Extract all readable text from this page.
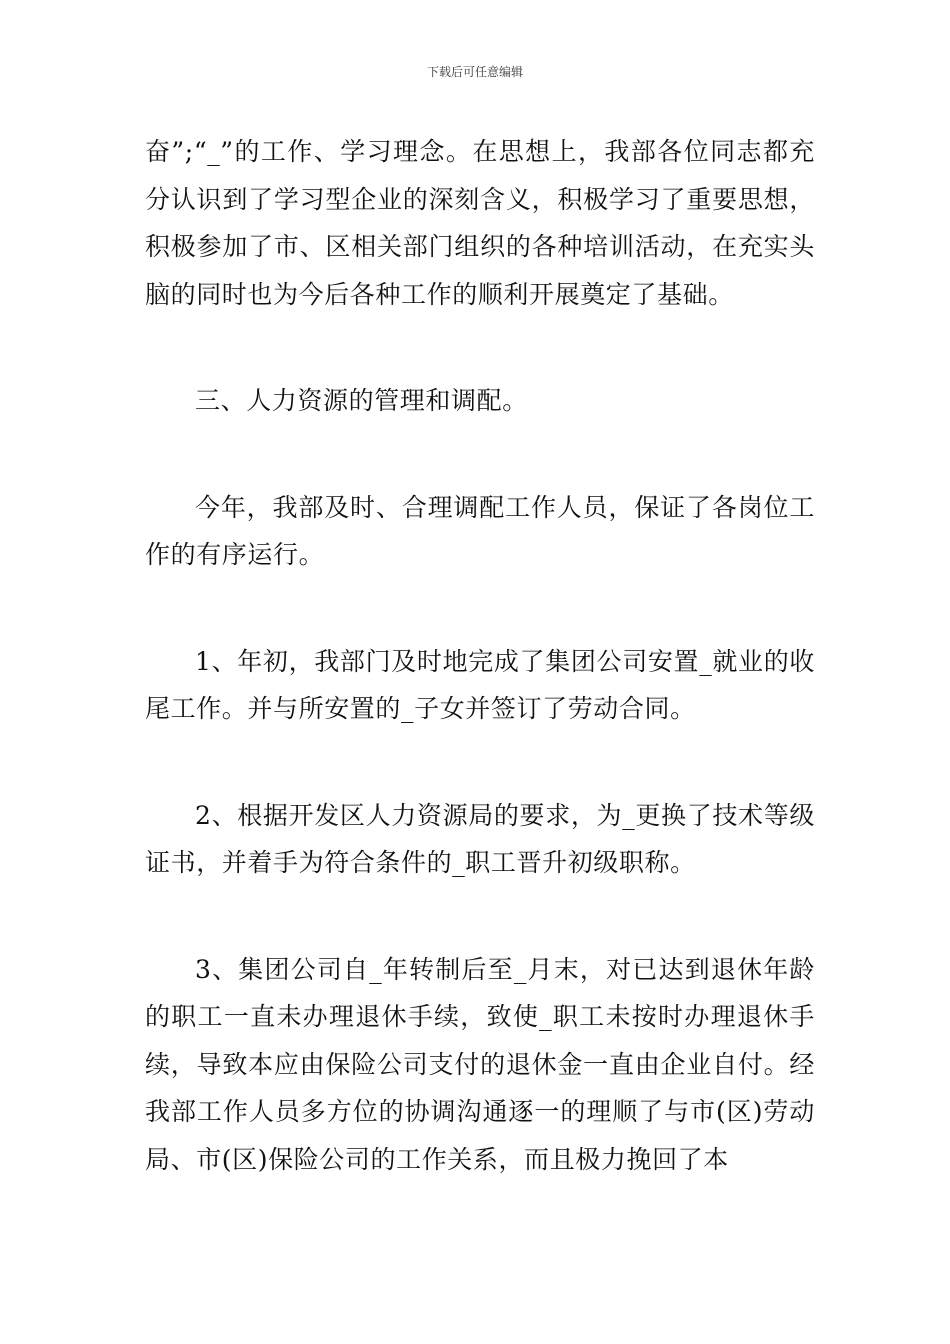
下载后可任意编辑

奋”;“_”的工作、学习理念。在思想上，我部各位同志都充分认识到了学习型企业的深刻含义，积极学习了重要思想，积极参加了市、区相关部门组织的各种培训活动，在充实头脑的同时也为今后各种工作的顺利开展奠定了基础。

三、人力资源的管理和调配。

今年，我部及时、合理调配工作人员，保证了各岗位工作的有序运行。

1、年初，我部门及时地完成了集团公司安置_就业的收尾工作。并与所安置的_子女并签订了劳动合同。

2、根据开发区人力资源局的要求，为_更换了技术等级证书，并着手为符合条件的_职工晋升初级职称。

3、集团公司自_年转制后至_月末，对已达到退休年龄的职工一直未办理退休手续，致使_职工未按时办理退休手续，导致本应由保险公司支付的退休金一直由企业自付。经我部工作人员多方位的协调沟通逐一的理顺了与市(区)劳动局、市(区)保险公司的工作关系，而且极力挽回了本
